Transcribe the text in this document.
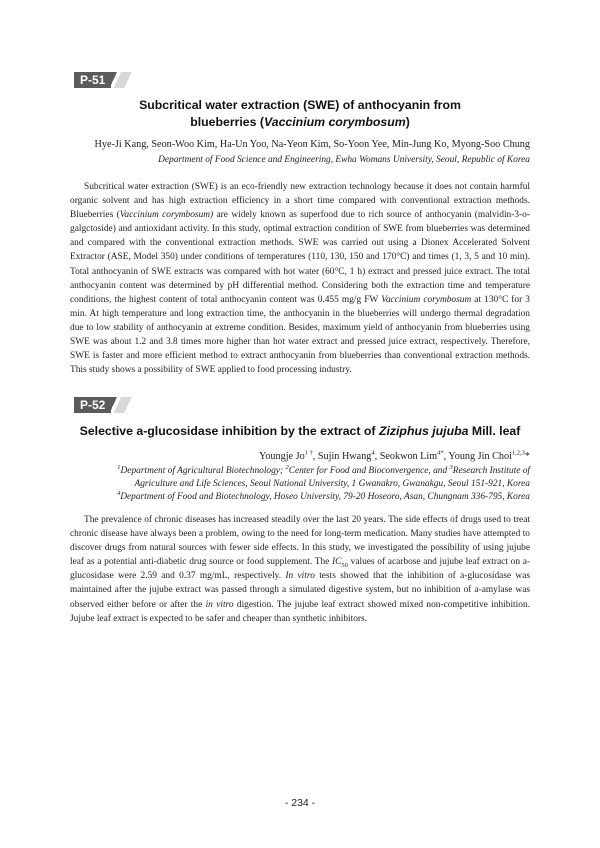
P-51
Subcritical water extraction (SWE) of anthocyanin from
blueberries (Vaccinium corymbosum)
Hye-Ji Kang, Seon-Woo Kim, Ha-Un Yoo, Na-Yeon Kim, So-Yoon Yee, Min-Jung Ko, Myong-Soo Chung
Department of Food Science and Engineering, Ewha Womans University, Seoul, Republic of Korea

Subcritical water extraction (SWE) is an eco-friendly new extraction technology because it does not contain harmful organic solvent and has high extraction efficiency in a short time compared with conventional extraction methods. Blueberries (Vaccinium corymbosum) are widely known as superfood due to rich source of anthocyanin (malvidin-3-o-galgctoside) and antioxidant activity. In this study, optimal extraction condition of SWE from blueberries was determined and compared with the conventional extraction methods. SWE was carried out using a Dionex Accelerated Solvent Extractor (ASE, Model 350) under conditions of temperatures (110, 130, 150 and 170°C) and times (1, 3, 5 and 10 min). Total anthocyanin of SWE extracts was compared with hot water (60°C, 1 h) extract and pressed juice extract. The total anthocyanin content was determined by pH differential method. Considering both the extraction time and temperature conditions, the highest content of total anthocyanin content was 0.455 mg/g FW Vaccinium corymbosum at 130°C for 3 min. At high temperature and long extraction time, the anthocyanin in the blueberries will undergo thermal degradation due to low stability of anthocyanin at extreme condition. Besides, maximum yield of anthocyanin from blueberries using SWE was about 1.2 and 3.8 times more higher than hot water extract and pressed juice extract, respectively. Therefore, SWE is faster and more efficient method to extract anthocyanin from blueberries than conventional extraction methods. This study shows a possibility of SWE applied to food processing industry.

P-52
Selective a-glucosidase inhibition by the extract of Ziziphus jujuba Mill. leaf
Youngje $Jo^{1 \dagger}$, Sujin Hwang$^4$, Seokwon Lim$^{4*}$, Young Jin Choi$^{1,2,3}$*
$^1$Department of Agricultural Biotechnology; $^2$Center for Food and Bioconvergence, and $^3$Research Institute of
Agriculture and Life Sciences, Seoul National University, 1 Gwanakro, Gwanakgu, Seoul 151-921, Korea
$^4$Department of Food and Biotechnology, Hoseo University, 79-20 Hoseoro, Asan, Chungnam 336-795, Korea

The prevalence of chronic diseases has increased steadily over the last 20 years. The side effects of drugs used to treat chronic disease have always been a problem, owing to the need for long-term medication. Many studies have attempted to discover drugs from natural sources with fewer side effects. In this study, we investigated the possibility of using jujube leaf as a potential anti-diabetic drug source or food supplement. The $IC_{50}$ values of acarbose and jujube leaf extract on a-glucosidase were 2.59 and 0.37 mg/mL, respectively. In vitro tests showed that the inhibition of a-glucosidase was maintained after the jujube extract was passed through a simulated digestive system, but no inhibition of a-amylase was observed either before or after the in vitro digestion. The jujube leaf extract showed mixed non-competitive inhibition. Jujube leaf extract is expected to be safer and cheaper than synthetic inhibitors.

- 234 -
